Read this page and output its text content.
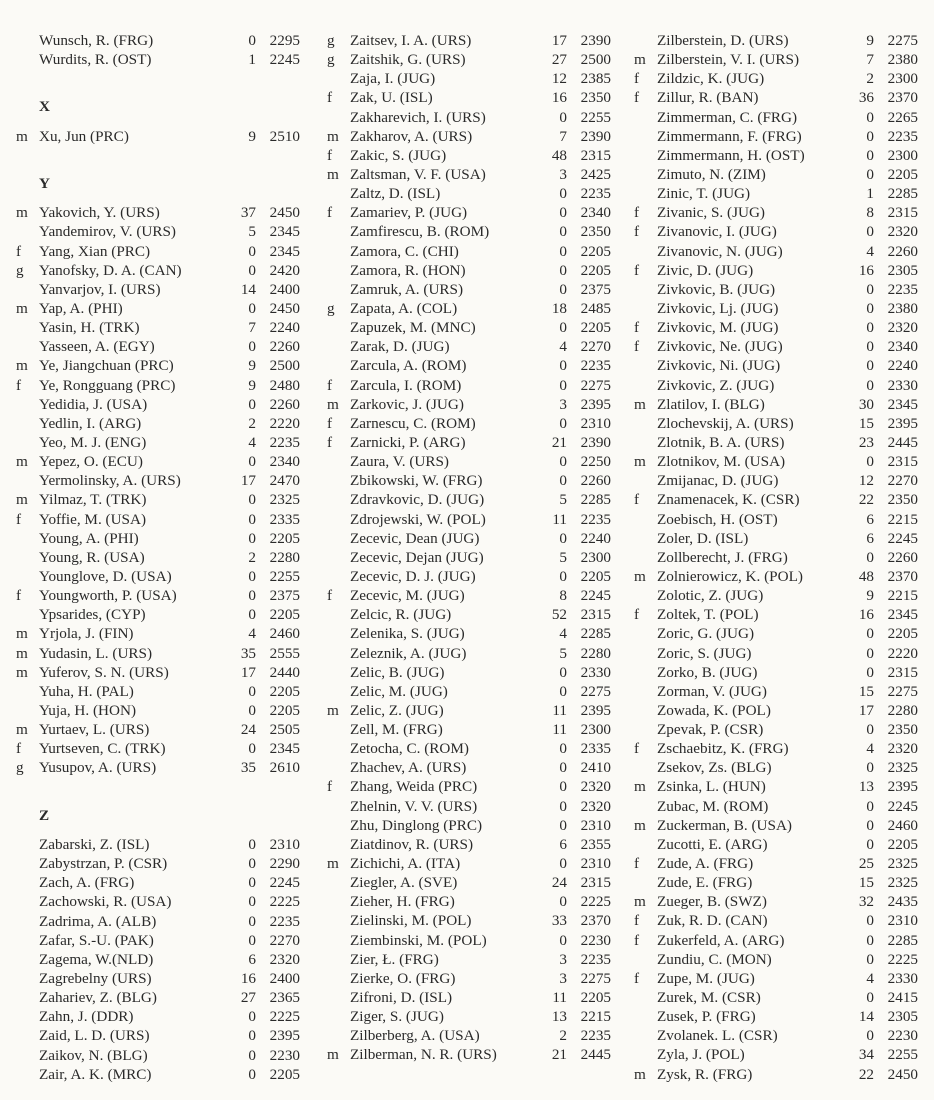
Wunsch, R. (FRG)	0 2295
Wurdits, R. (OST)	1 2245
X
m Xu, Jun (PRC)	9 2510
Y
m Yakovich, Y. (URS)	37 2450
Yandemirov, V. (URS)	5 2345
f	Yang, Xian (PRC)	0 2345
g	Yanofsky, D. A. (CAN)	0 2420
Yanvarjov, I. (URS)	14 2400
m Yap, A. (PHI)	0 2450
Yasin, H. (TRK)	7 2240
Yasseen, A. (EGY)	0 2260
m Ye, Jiangchuan (PRC)	9 2500
f	Ye, Rongguang (PRC)	9 2480
Yedidia, J. (USA)	0 2260
Yedlin, I. (ARG)	2 2220
Yeo, M. J. (ENG)	4 2235
m Yepez, O. (ECU)	0 2340
Yermolinsky, A. (URS)	17 2470
m Yilmaz, T. (TRK)	0 2325
f	Yoffie, M. (USA)	0 2335
Young, A. (PHI)	0 2205
Young, R. (USA)	2 2280
Younglove, D. (USA)	0 2255
f	Youngworth, P. (USA)	0 2375
Ypsarides, (CYP)	0 2205
m Yrjola, J. (FIN)	4 2460
m Yudasin, L. (URS)	35 2555
m Yuferov, S. N. (URS)	17 2440
Yuha, H. (PAL)	0 2205
Yuja, H. (HON)	0 2205
m Yurtaev, L. (URS)	24 2505
f	Yurtseven, C. (TRK)	0 2345
g	Yusupov, A. (URS)	35 2610
Z
Zabarski, Z. (ISL)	0 2310
Zabystrzan, P. (CSR)	0 2290
Zach, A. (FRG)	0 2245
Zachowski, R. (USA)	0 2225
Zadrima, A. (ALB)	0 2235
Zafar, S.-U. (PAK)	0 2270
Zagema, W.(NLD)	6 2320
Zagrebelny (URS)	16 2400
Zahariev, Z. (BLG)	27 2365
Zahn, J. (DDR)	0 2225
Zaid, L. D. (URS)	0 2395
Zaikov, N. (BLG)	0 2230
Zair, A. K. (MRC)	0 2205
g	Zaitsev, I. A. (URS)	17 2390
g	Zaitshik, G. (URS)	27 2500
Zaja, I. (JUG)	12 2385
f	Zak, U. (ISL)	16 2350
Zakharevich, I. (URS)	0 2255
m Zakharov, A. (URS)	7 2390
f	Zakic, S. (JUG)	48 2315
m Zaltsman, V. F. (USA)	3 2425
Zaltz, D. (ISL)	0 2235
f	Zamariev, P. (JUG)	0 2340
Zamfirescu, B. (ROM)	0 2350
Zamora, C. (CHI)	0 2205
Zamora, R. (HON)	0 2205
Zamruk, A. (URS)	0 2375
g	Zapata, A. (COL)	18 2485
Zapuzek, M. (MNC)	0 2205
Zarak, D. (JUG)	4 2270
Zarcula, A. (ROM)	0 2235
f	Zarcula, I. (ROM)	0 2275
m Zarkovic, J. (JUG)	3 2395
f	Zarnescu, C. (ROM)	0 2310
f	Zarnicki, P. (ARG)	21 2390
Zaura, V. (URS)	0 2250
Zbikowski, W. (FRG)	0 2260
Zdravkovic, D. (JUG)	5 2285
Zdrojewski, W. (POL)	11 2235
Zecevic, Dean (JUG)	0 2240
Zecevic, Dejan (JUG)	5 2300
Zecevic, D. J. (JUG)	0 2205
f	Zecevic, M. (JUG)	8 2245
Zelcic, R. (JUG)	52 2315
Zelenika, S. (JUG)	4 2285
Zeleznik, A. (JUG)	5 2280
Zelic, B. (JUG)	0 2330
Zelic, M. (JUG)	0 2275
m Zelic, Z. (JUG)	11 2395
Zell, M. (FRG)	11 2300
Zetocha, C. (ROM)	0 2335
Zhachev, A. (URS)	0 2410
f	Zhang, Weida (PRC)	0 2320
Zhelnin, V. V. (URS)	0 2320
Zhu, Dinglong (PRC)	0 2310
Ziatdinov, R. (URS)	6 2355
m Zichichi, A. (ITA)	0 2310
Ziegler, A. (SVE)	24 2315
Zieher, H. (FRG)	0 2225
Zielinski, M. (POL)	33 2370
Ziembinski, M. (POL)	0 2230
Zier, Ł. (FRG)	3 2235
Zierke, O. (FRG)	3 2275
Zifroni, D. (ISL)	11 2205
Ziger, S. (JUG)	13 2215
Zilberberg, A. (USA)	2 2235
m Zilberman, N. R. (URS)	21 2445
Zilberstein, D. (URS)	9 2275
m Zilberstein, V. I. (URS)	7 2380
f	Zildzic, K. (JUG)	2 2300
f	Zillur, R. (BAN)	36 2370
Zimmerman, C. (FRG)	0 2265
Zimmermann, F. (FRG)	0 2235
Zimmermann, H. (OST)	0 2300
Zimuto, N. (ZIM)	0 2205
Zinic, T. (JUG)	1 2285
f	Zivanic, S. (JUG)	8 2315
f	Zivanovic, I. (JUG)	0 2320
Zivanovic, N. (JUG)	4 2260
f	Zivic, D. (JUG)	16 2305
Zivkovic, B. (JUG)	0 2235
Zivkovic, Lj. (JUG)	0 2380
f	Zivkovic, M. (JUG)	0 2320
f	Zivkovic, Ne. (JUG)	0 2340
Zivkovic, Ni. (JUG)	0 2240
Zivkovic, Z. (JUG)	0 2330
m Zlatilov, I. (BLG)	30 2345
Zlochevskij, A. (URS)	15 2395
Zlotnik, B. A. (URS)	23 2445
m Zlotnikov, M. (USA)	0 2315
Zmijanac, D. (JUG)	12 2270
f	Znamenacek, K. (CSR)	22 2350
Zoebisch, H. (OST)	6 2215
Zoler, D. (ISL)	6 2245
Zollberecht, J. (FRG)	0 2260
m Zolnierowicz, K. (POL)	48 2370
Zolotic, Z. (JUG)	9 2215
f	Zoltek, T. (POL)	16 2345
Zoric, G. (JUG)	0 2205
Zoric, S. (JUG)	0 2220
Zorko, B. (JUG)	0 2315
Zorman, V. (JUG)	15 2275
Zowada, K. (POL)	17 2280
Zpevak, P. (CSR)	0 2350
f	Zschaebitz, K. (FRG)	4 2320
Zsekov, Zs. (BLG)	0 2325
m Zsinka, L. (HUN)	13 2395
Zubac, M. (ROM)	0 2245
m Zuckerman, B. (USA)	0 2460
Zucotti, E. (ARG)	0 2205
f	Zude, A. (FRG)	25 2325
Zude, E. (FRG)	15 2325
m Zueger, B. (SWZ)	32 2435
f	Zuk, R. D. (CAN)	0 2310
f	Zukerfeld, A. (ARG)	0 2285
Zundiu, C. (MON)	0 2225
f	Zupe, M. (JUG)	4 2330
Zurek, M. (CSR)	0 2415
Zusek, P. (FRG)	14 2305
Zvolanek. L. (CSR)	0 2230
Zyla, J. (POL)	34 2255
m Zysk, R. (FRG)	22 2450
